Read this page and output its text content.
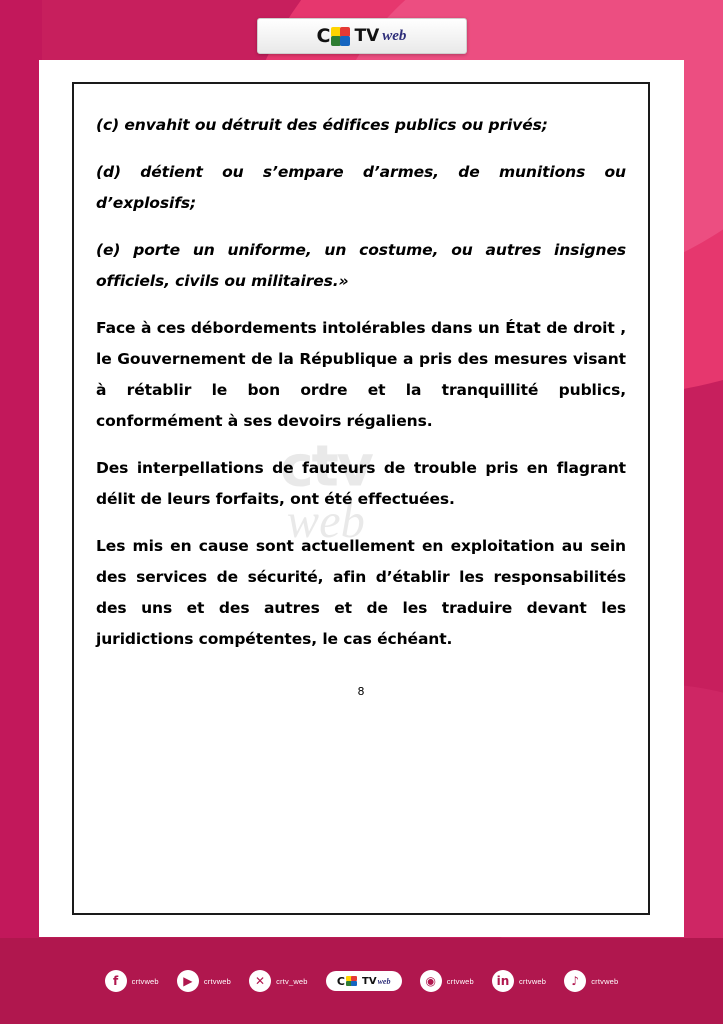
C TV web
ctv
web

(c) envahit ou détruit des édifices publics ou privés;

(d) détient ou s’empare d’armes, de munitions ou d’explosifs;

(e) porte un uniforme, un costume, ou autres insignes officiels, civils ou militaires.»

Face à ces débordements intolérables dans un État de droit , le Gouvernement de la République a pris des mesures visant à rétablir le bon ordre et la tranquillité publics, conformément à ses devoirs régaliens.

Des interpellations de fauteurs de trouble pris en flagrant délit de leurs forfaits, ont été effectuées.

Les mis en cause sont actuellement en exploitation au sein des services de sécurité, afin d’établir les responsabilités des uns et des autres et de les traduire devant les juridictions compétentes, le cas échéant.

8
f	crtvweb	▶	crtvweb	✕	crtv_web	C TV web	◉	crtvweb	in	crtvweb	♪	crtvweb
